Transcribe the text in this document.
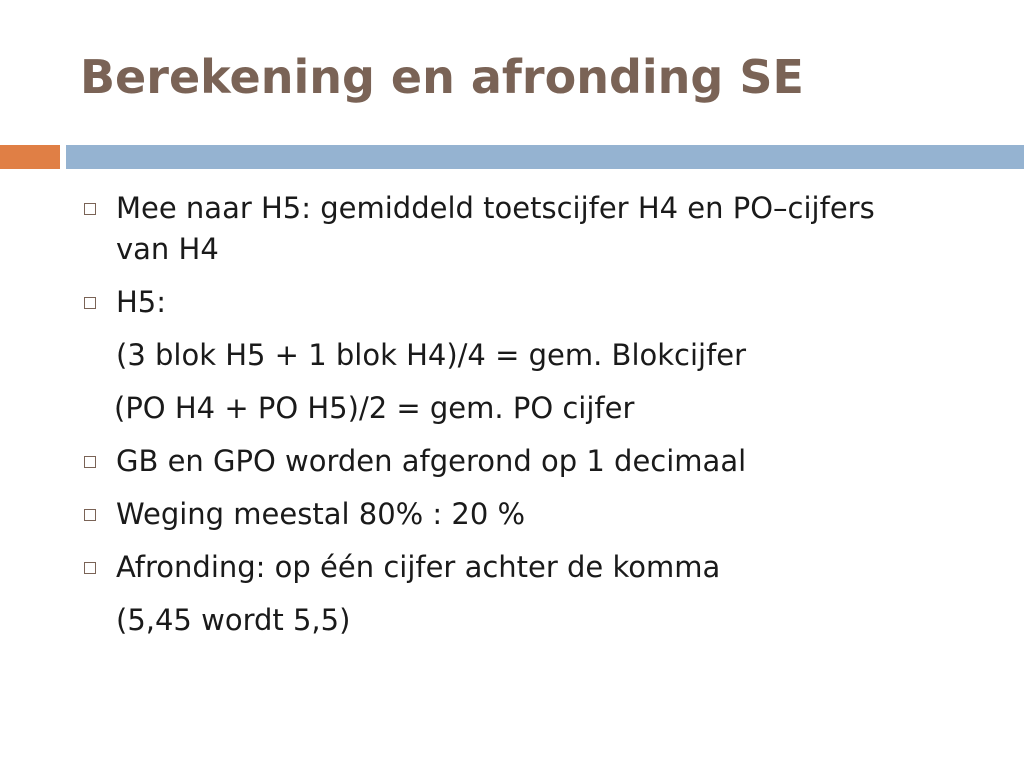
Berekening en afronding SE
Mee naar H5: gemiddeld toetscijfer H4 en PO–cijfers
van H4
H5:
(3 blok H5 + 1 blok H4)/4 = gem. Blokcijfer
(PO H4 + PO H5)/2 = gem. PO cijfer
GB en GPO worden afgerond op 1 decimaal
Weging meestal 80% : 20 %
Afronding: op één cijfer achter de komma
(5,45 wordt 5,5)
